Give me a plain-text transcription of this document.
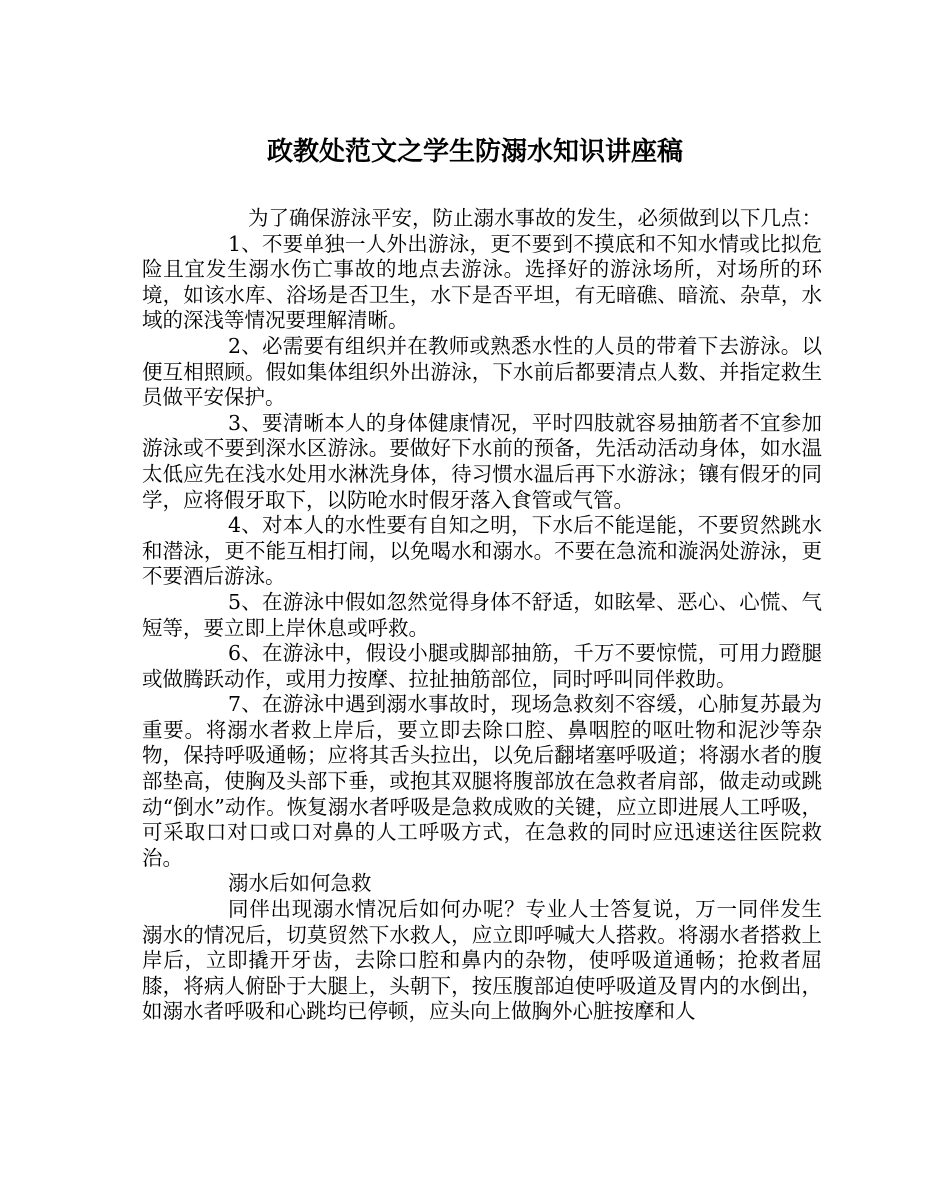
政教处范文之学生防溺水知识讲座稿

为了确保游泳平安，防止溺水事故的发生，必须做到以下几点：

1、不要单独一人外出游泳，更不要到不摸底和不知水情或比拟危险且宜发生溺水伤亡事故的地点去游泳。选择好的游泳场所，对场所的环境，如该水库、浴场是否卫生，水下是否平坦，有无暗礁、暗流、杂草，水域的深浅等情况要理解清晰。

2、必需要有组织并在教师或熟悉水性的人员的带着下去游泳。以便互相照顾。假如集体组织外出游泳，下水前后都要清点人数、并指定救生员做平安保护。

3、要清晰本人的身体健康情况，平时四肢就容易抽筋者不宜参加游泳或不要到深水区游泳。要做好下水前的预备，先活动活动身体，如水温太低应先在浅水处用水淋洗身体，待习惯水温后再下水游泳；镶有假牙的同学，应将假牙取下，以防呛水时假牙落入食管或气管。

4、对本人的水性要有自知之明，下水后不能逞能，不要贸然跳水和潜泳，更不能互相打闹，以免喝水和溺水。不要在急流和漩涡处游泳，更不要酒后游泳。

5、在游泳中假如忽然觉得身体不舒适，如眩晕、恶心、心慌、气短等，要立即上岸休息或呼救。

6、在游泳中，假设小腿或脚部抽筋，千万不要惊慌，可用力蹬腿或做腾跃动作，或用力按摩、拉扯抽筋部位，同时呼叫同伴救助。

7、在游泳中遇到溺水事故时，现场急救刻不容缓，心肺复苏最为重要。将溺水者救上岸后，要立即去除口腔、鼻咽腔的呕吐物和泥沙等杂物，保持呼吸通畅；应将其舌头拉出，以免后翻堵塞呼吸道；将溺水者的腹部垫高，使胸及头部下垂，或抱其双腿将腹部放在急救者肩部，做走动或跳动“倒水”动作。恢复溺水者呼吸是急救成败的关键，应立即进展人工呼吸，可采取口对口或口对鼻的人工呼吸方式，在急救的同时应迅速送往医院救治。

溺水后如何急救

同伴出现溺水情况后如何办呢？专业人士答复说，万一同伴发生溺水的情况后，切莫贸然下水救人，应立即呼喊大人搭救。将溺水者搭救上岸后，立即撬开牙齿，去除口腔和鼻内的杂物，使呼吸道通畅；抢救者屈膝，将病人俯卧于大腿上，头朝下，按压腹部迫使呼吸道及胃内的水倒出，如溺水者呼吸和心跳均已停顿，应头向上做胸外心脏按摩和人
